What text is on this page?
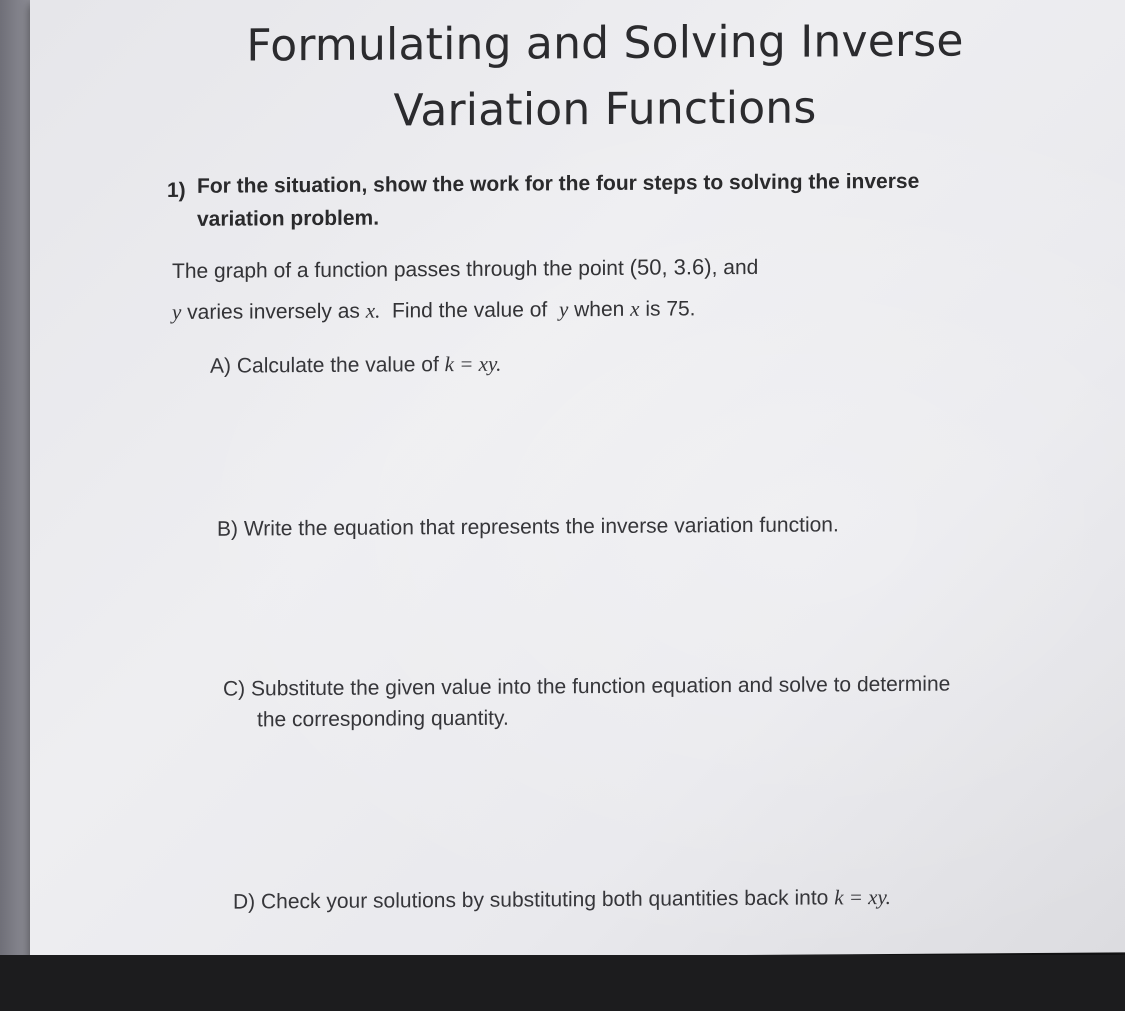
Formulating and Solving Inverse
Variation Functions
1) For the situation, show the work for the four steps to solving the inverse
variation problem.
The graph of a function passes through the point (50, 3.6), and
y varies inversely as x. Find the value of y when x is 75.
A) Calculate the value of k = xy.
B) Write the equation that represents the inverse variation function.
C) Substitute the given value into the function equation and solve to determine
the corresponding quantity.
D) Check your solutions by substituting both quantities back into k = xy.
